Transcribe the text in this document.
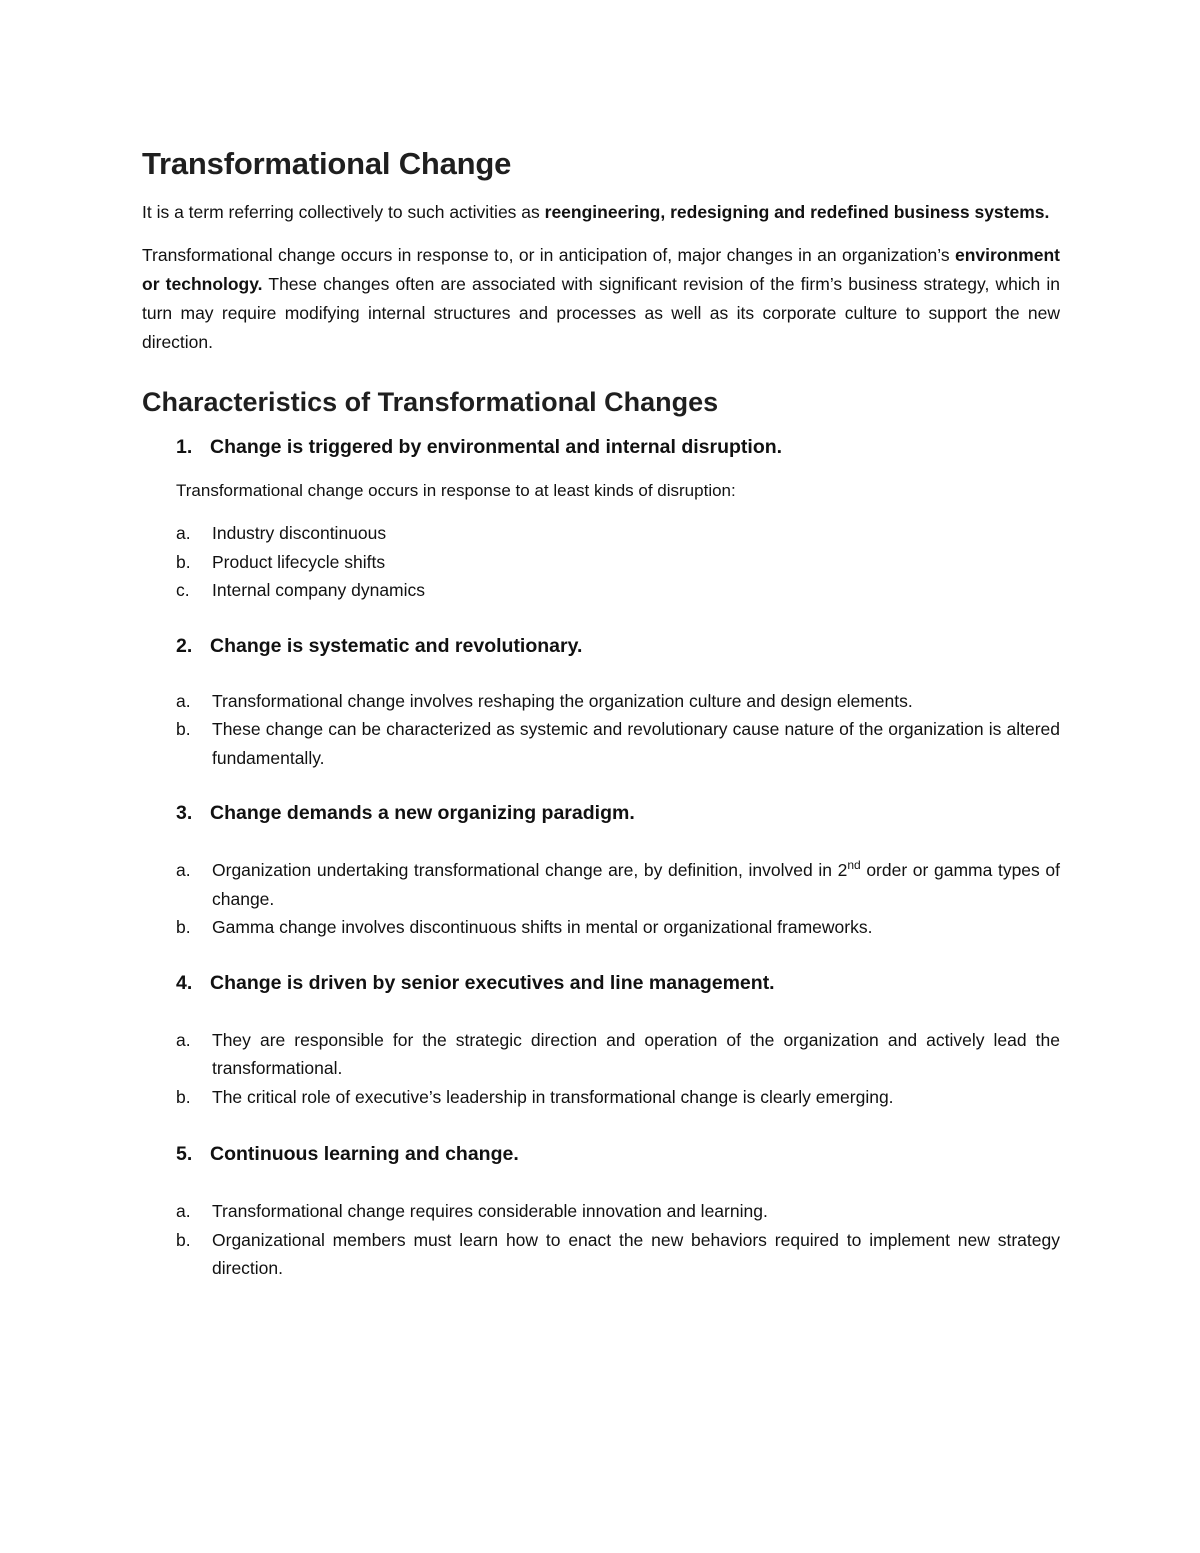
Transformational Change

It is a term referring collectively to such activities as reengineering, redesigning and redefined business systems.

Transformational change occurs in response to, or in anticipation of, major changes in an organization’s environment or technology. These changes often are associated with significant revision of the firm’s business strategy, which in turn may require modifying internal structures and processes as well as its corporate culture to support the new direction.

Characteristics of Transformational Changes
1. Change is triggered by environmental and internal disruption.

Transformational change occurs in response to at least kinds of disruption:

a.	Industry discontinuous
b.	Product lifecycle shifts
c.	Internal company dynamics
2. Change is systematic and revolutionary.
a.	Transformational change involves reshaping the organization culture and design elements.
b.	These change can be characterized as systemic and revolutionary cause nature of the organization is altered fundamentally.
3. Change demands a new organizing paradigm.
a.	Organization undertaking transformational change are, by definition, involved in 2nd order or gamma types of change.
b.	Gamma change involves discontinuous shifts in mental or organizational frameworks.
4. Change is driven by senior executives and line management.
a.	They are responsible for the strategic direction and operation of the organization and actively lead the transformational.
b.	The critical role of executive’s leadership in transformational change is clearly emerging.
5. Continuous learning and change.
a.	Transformational change requires considerable innovation and learning.
b.	Organizational members must learn how to enact the new behaviors required to implement new strategy direction.
